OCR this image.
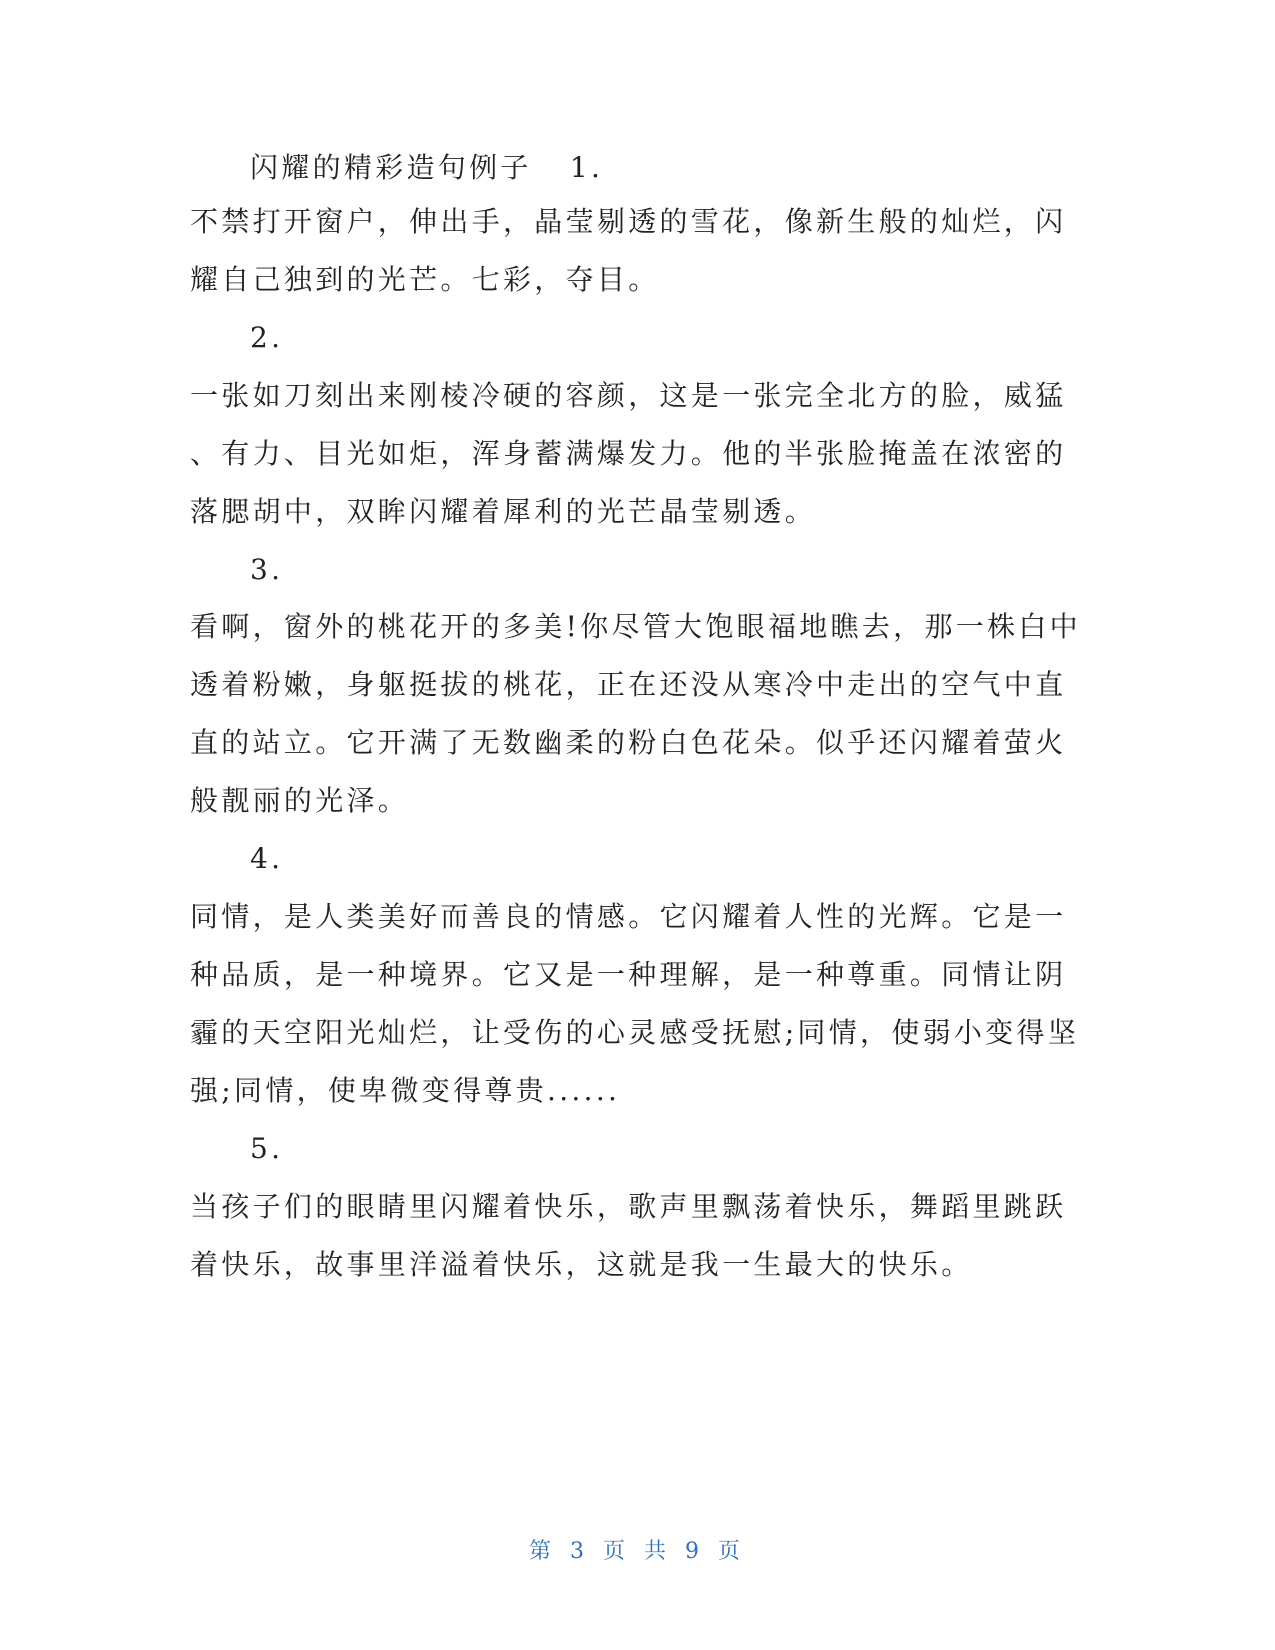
闪耀的精彩造句例子 1.
不禁打开窗户，伸出手，晶莹剔透的雪花，像新生般的灿烂，闪
耀自己独到的光芒。七彩，夺目。
2.
一张如刀刻出来刚棱冷硬的容颜，这是一张完全北方的脸，威猛
、有力、目光如炬，浑身蓄满爆发力。他的半张脸掩盖在浓密的
落腮胡中，双眸闪耀着犀利的光芒晶莹剔透。
3.
看啊，窗外的桃花开的多美!你尽管大饱眼福地瞧去，那一株白中
透着粉嫩，身躯挺拔的桃花，正在还没从寒冷中走出的空气中直
直的站立。它开满了无数幽柔的粉白色花朵。似乎还闪耀着萤火
般靓丽的光泽。
4.
同情，是人类美好而善良的情感。它闪耀着人性的光辉。它是一
种品质，是一种境界。它又是一种理解，是一种尊重。同情让阴
霾的天空阳光灿烂，让受伤的心灵感受抚慰;同情，使弱小变得坚
强;同情，使卑微变得尊贵......
5.
当孩子们的眼睛里闪耀着快乐，歌声里飘荡着快乐，舞蹈里跳跃
着快乐，故事里洋溢着快乐，这就是我一生最大的快乐。
第 3 页 共 9 页
